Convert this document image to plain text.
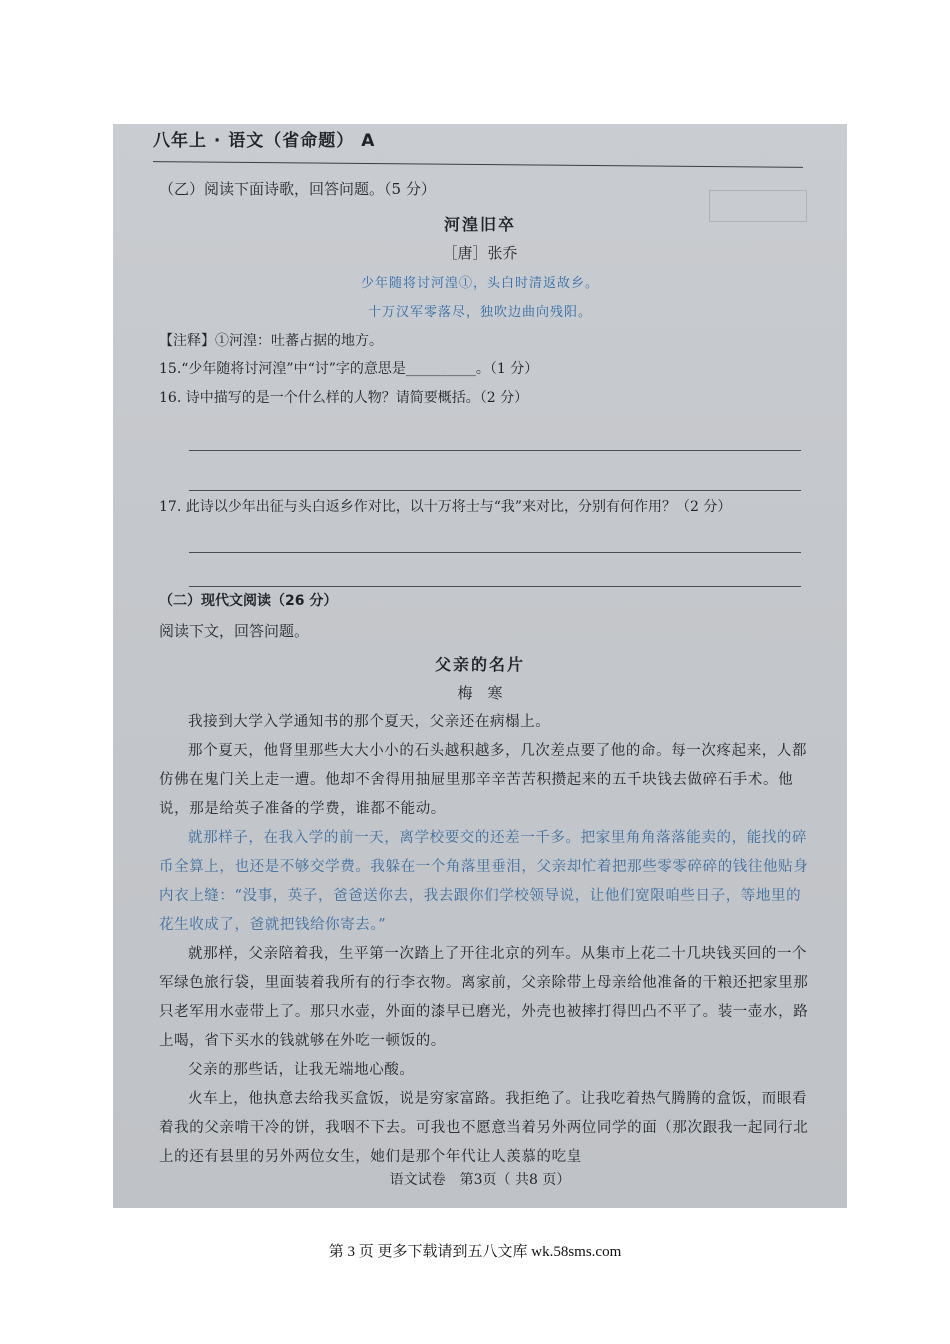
八年上 · 语文（省命题） A
（乙）阅读下面诗歌，回答问题。（5 分）
河湟旧卒
［唐］张乔
少年随将讨河湟①，头白时清返故乡。
十万汉军零落尽，独吹边曲向残阳。
【注释】①河湟：吐蕃占据的地方。
15.“少年随将讨河湟”中“讨”字的意思是__________。（1 分）
16. 诗中描写的是一个什么样的人物？请简要概括。（2 分）
17. 此诗以少年出征与头白返乡作对比，以十万将士与“我”来对比，分别有何作用？（2 分）
（二）现代文阅读（26 分）
阅读下文，回答问题。
父亲的名片
梅　寒

我接到大学入学通知书的那个夏天，父亲还在病榻上。

那个夏天，他肾里那些大大小小的石头越积越多，几次差点要了他的命。每一次疼起来，人都仿佛在鬼门关上走一遭。他却不舍得用抽屉里那辛辛苦苦积攒起来的五千块钱去做碎石手术。他说，那是给英子准备的学费，谁都不能动。

就那样子，在我入学的前一天，离学校要交的还差一千多。把家里角角落落能卖的，能找的碎币全算上，也还是不够交学费。我躲在一个角落里垂泪，父亲却忙着把那些零零碎碎的钱往他贴身内衣上缝：“没事，英子，爸爸送你去，我去跟你们学校领导说，让他们宽限咱些日子，等地里的花生收成了，爸就把钱给你寄去。”

就那样，父亲陪着我，生平第一次踏上了开往北京的列车。从集市上花二十几块钱买回的一个军绿色旅行袋，里面装着我所有的行李衣物。离家前，父亲除带上母亲给他准备的干粮还把家里那只老军用水壶带上了。那只水壶，外面的漆早已磨光，外壳也被摔打得凹凸不平了。装一壶水，路上喝，省下买水的钱就够在外吃一顿饭的。

父亲的那些话，让我无端地心酸。

火车上，他执意去给我买盒饭，说是穷家富路。我拒绝了。让我吃着热气腾腾的盒饭，而眼看着我的父亲啃干冷的饼，我咽不下去。可我也不愿意当着另外两位同学的面（那次跟我一起同行北上的还有县里的另外两位女生，她们是那个年代让人羡慕的吃皇

语文试卷　第3页（ 共8 页）
第 3 页 更多下载请到五八文库 wk.58sms.com
